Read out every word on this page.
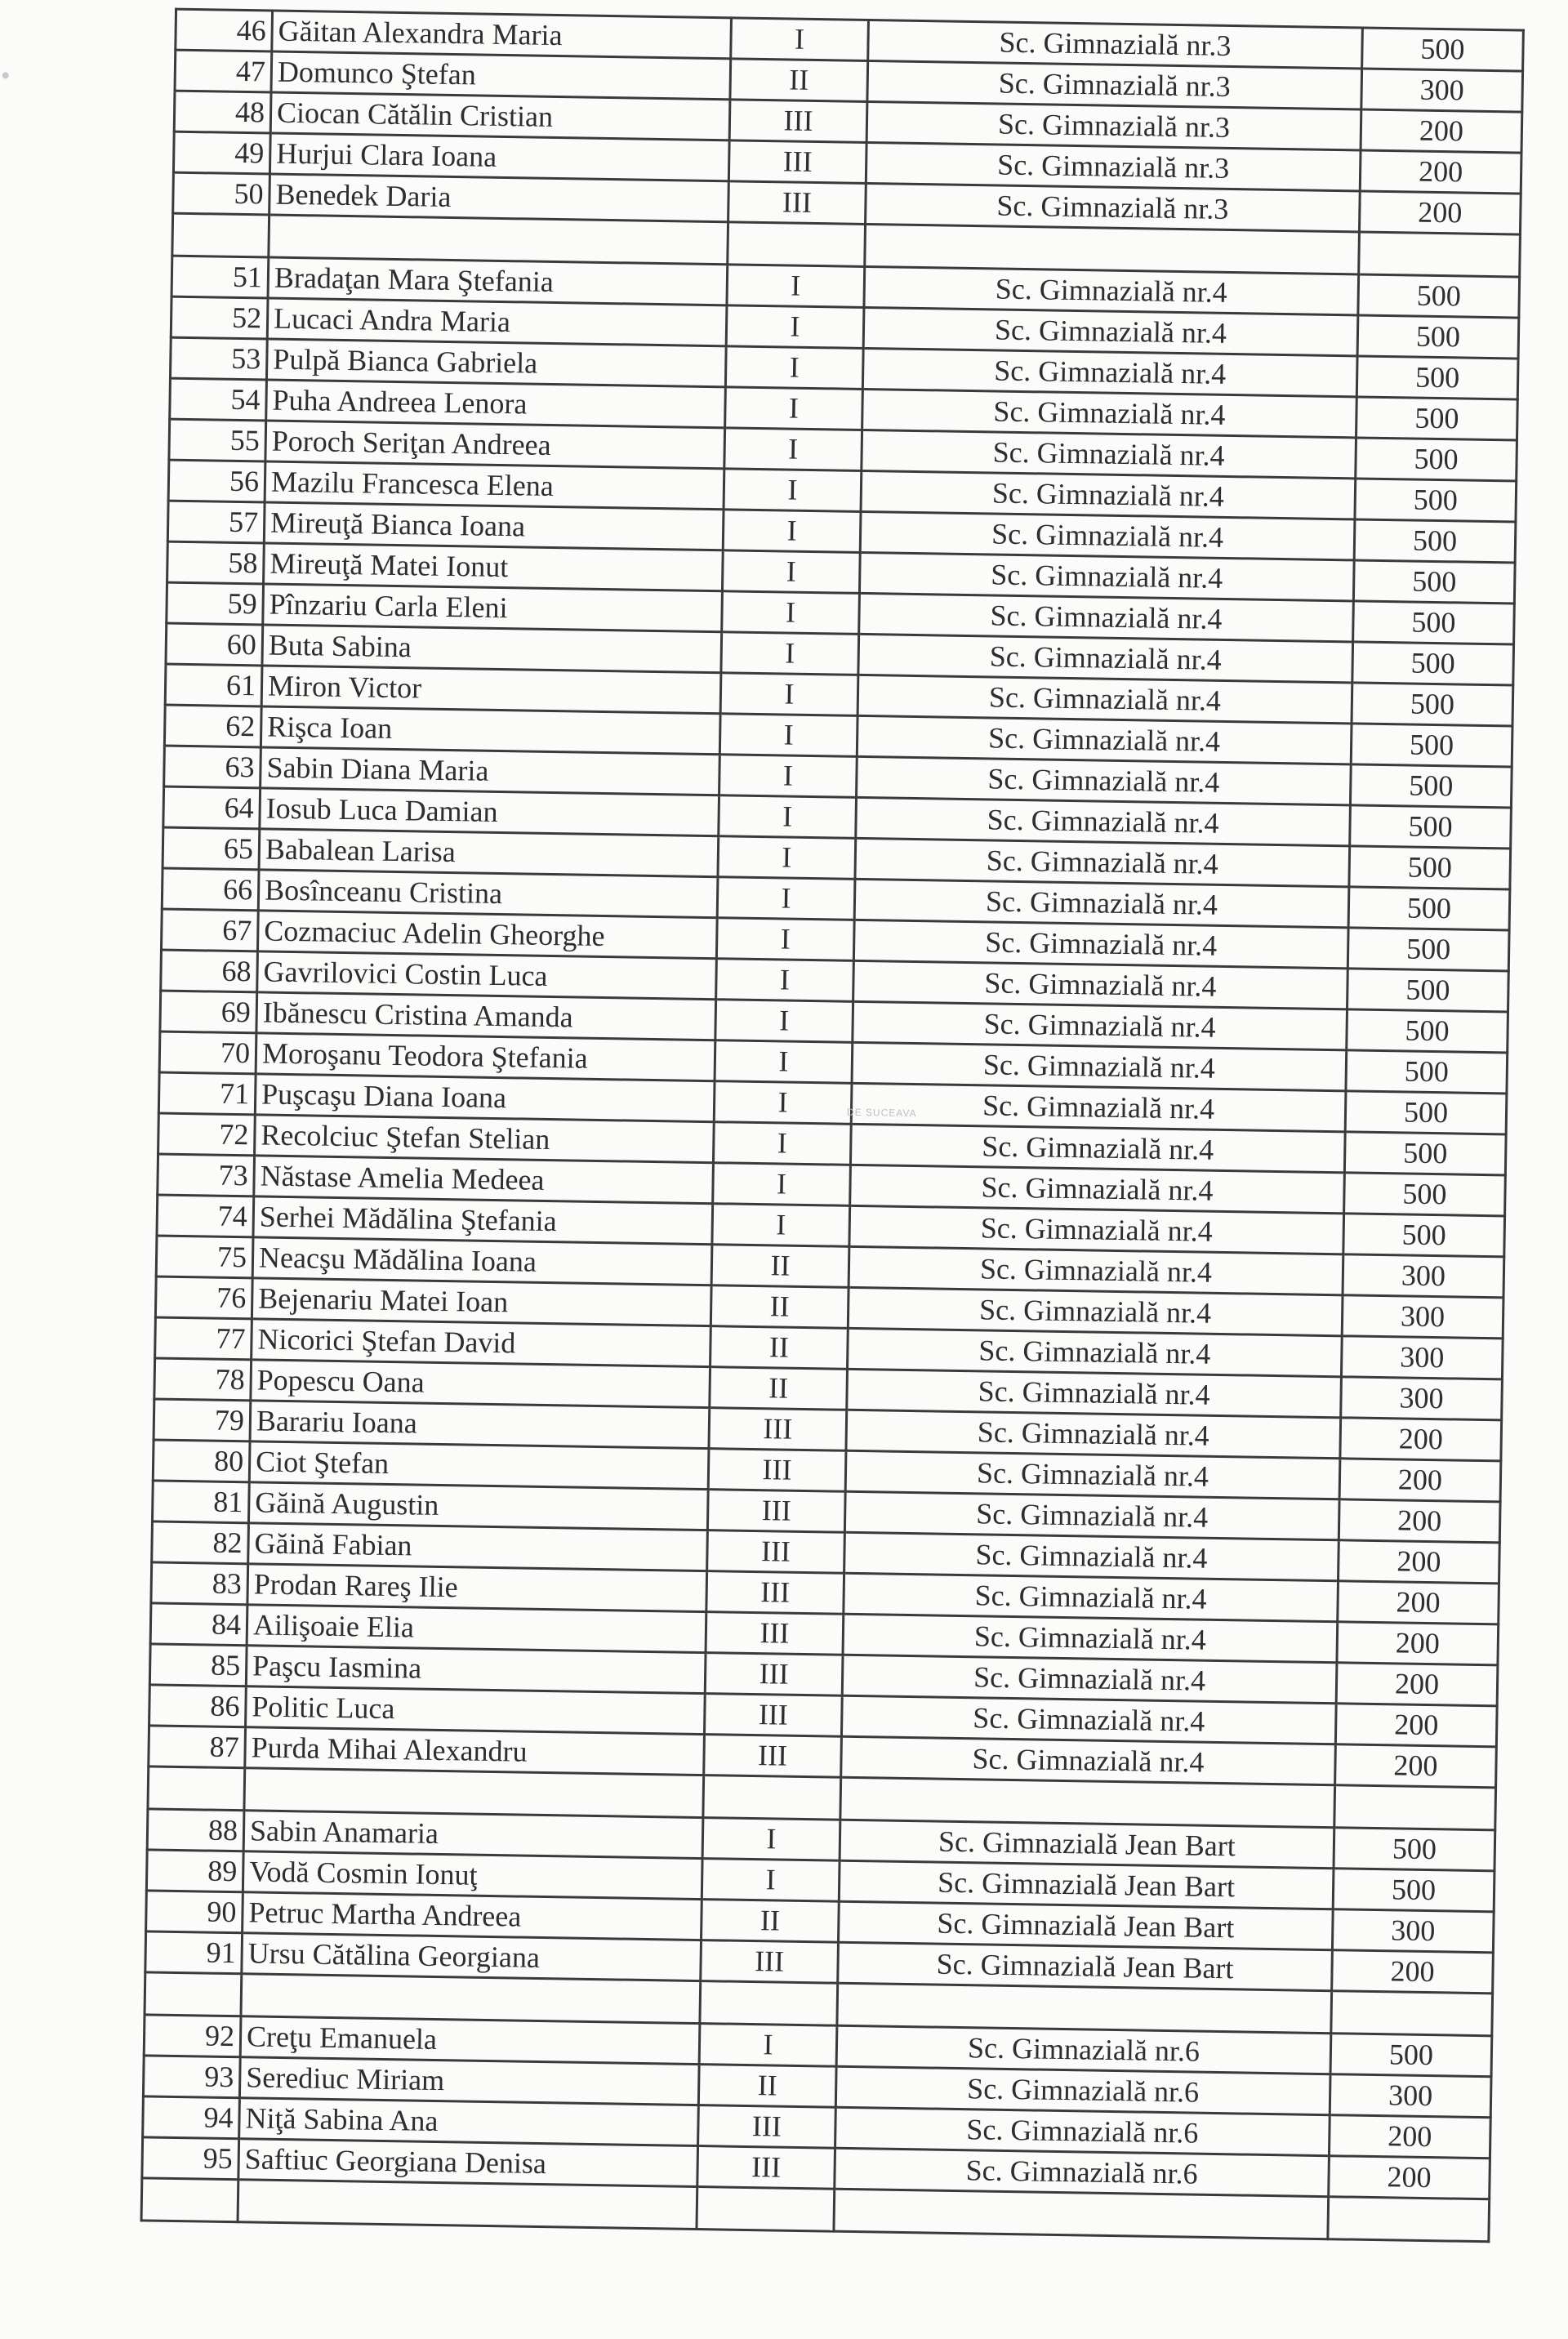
46	Găitan Alexandra Maria	I	Sc. Gimnazială nr.3	500
47	Domunco Ştefan	II	Sc. Gimnazială nr.3	300
48	Ciocan Cătălin Cristian	III	Sc. Gimnazială nr.3	200
49	Hurjui Clara Ioana	III	Sc. Gimnazială nr.3	200
50	Benedek Daria	III	Sc. Gimnazială nr.3	200

51	Bradaţan Mara Ştefania	I	Sc. Gimnazială nr.4	500
52	Lucaci Andra Maria	I	Sc. Gimnazială nr.4	500
53	Pulpă Bianca Gabriela	I	Sc. Gimnazială nr.4	500
54	Puha Andreea Lenora	I	Sc. Gimnazială nr.4	500
55	Poroch Seriţan Andreea	I	Sc. Gimnazială nr.4	500
56	Mazilu Francesca Elena	I	Sc. Gimnazială nr.4	500
57	Mireuţă Bianca Ioana	I	Sc. Gimnazială nr.4	500
58	Mireuţă Matei Ionut	I	Sc. Gimnazială nr.4	500
59	Pînzariu Carla Eleni	I	Sc. Gimnazială nr.4	500
60	Buta Sabina	I	Sc. Gimnazială nr.4	500
61	Miron Victor	I	Sc. Gimnazială nr.4	500
62	Rişca Ioan	I	Sc. Gimnazială nr.4	500
63	Sabin Diana Maria	I	Sc. Gimnazială nr.4	500
64	Iosub Luca Damian	I	Sc. Gimnazială nr.4	500
65	Babalean Larisa	I	Sc. Gimnazială nr.4	500
66	Bosînceanu Cristina	I	Sc. Gimnazială nr.4	500
67	Cozmaciuc Adelin Gheorghe	I	Sc. Gimnazială nr.4	500
68	Gavrilovici Costin Luca	I	Sc. Gimnazială nr.4	500
69	Ibănescu Cristina Amanda	I	Sc. Gimnazială nr.4	500
70	Moroşanu Teodora Ştefania	I	Sc. Gimnazială nr.4	500
71	Puşcaşu Diana Ioana	I	Sc. Gimnazială nr.4	500
72	Recolciuc Ştefan Stelian	I	Sc. Gimnazială nr.4	500
73	Năstase Amelia Medeea	I	Sc. Gimnazială nr.4	500
74	Serhei Mădălina Ştefania	I	Sc. Gimnazială nr.4	500
75	Neacşu Mădălina Ioana	II	Sc. Gimnazială nr.4	300
76	Bejenariu Matei Ioan	II	Sc. Gimnazială nr.4	300
77	Nicorici Ştefan David	II	Sc. Gimnazială nr.4	300
78	Popescu Oana	II	Sc. Gimnazială nr.4	300
79	Barariu Ioana	III	Sc. Gimnazială nr.4	200
80	Ciot Ştefan	III	Sc. Gimnazială nr.4	200
81	Găină Augustin	III	Sc. Gimnazială nr.4	200
82	Găină Fabian	III	Sc. Gimnazială nr.4	200
83	Prodan Rareş Ilie	III	Sc. Gimnazială nr.4	200
84	Ailişoaie Elia	III	Sc. Gimnazială nr.4	200
85	Paşcu Iasmina	III	Sc. Gimnazială nr.4	200
86	Politic Luca	III	Sc. Gimnazială nr.4	200
87	Purda Mihai Alexandru	III	Sc. Gimnazială nr.4	200

88	Sabin Anamaria	I	Sc. Gimnazială Jean Bart	500
89	Vodă Cosmin Ionuţ	I	Sc. Gimnazială Jean Bart	500
90	Petruc Martha Andreea	II	Sc. Gimnazială Jean Bart	300
91	Ursu Cătălina Georgiana	III	Sc. Gimnazială Jean Bart	200

92	Creţu Emanuela	I	Sc. Gimnazială nr.6	500
93	Serediuc Miriam	II	Sc. Gimnazială nr.6	300
94	Niţă Sabina Ana	III	Sc. Gimnazială nr.6	200
95	Saftiuc Georgiana Denisa	III	Sc. Gimnazială nr.6	200

DE SUCEAVA
